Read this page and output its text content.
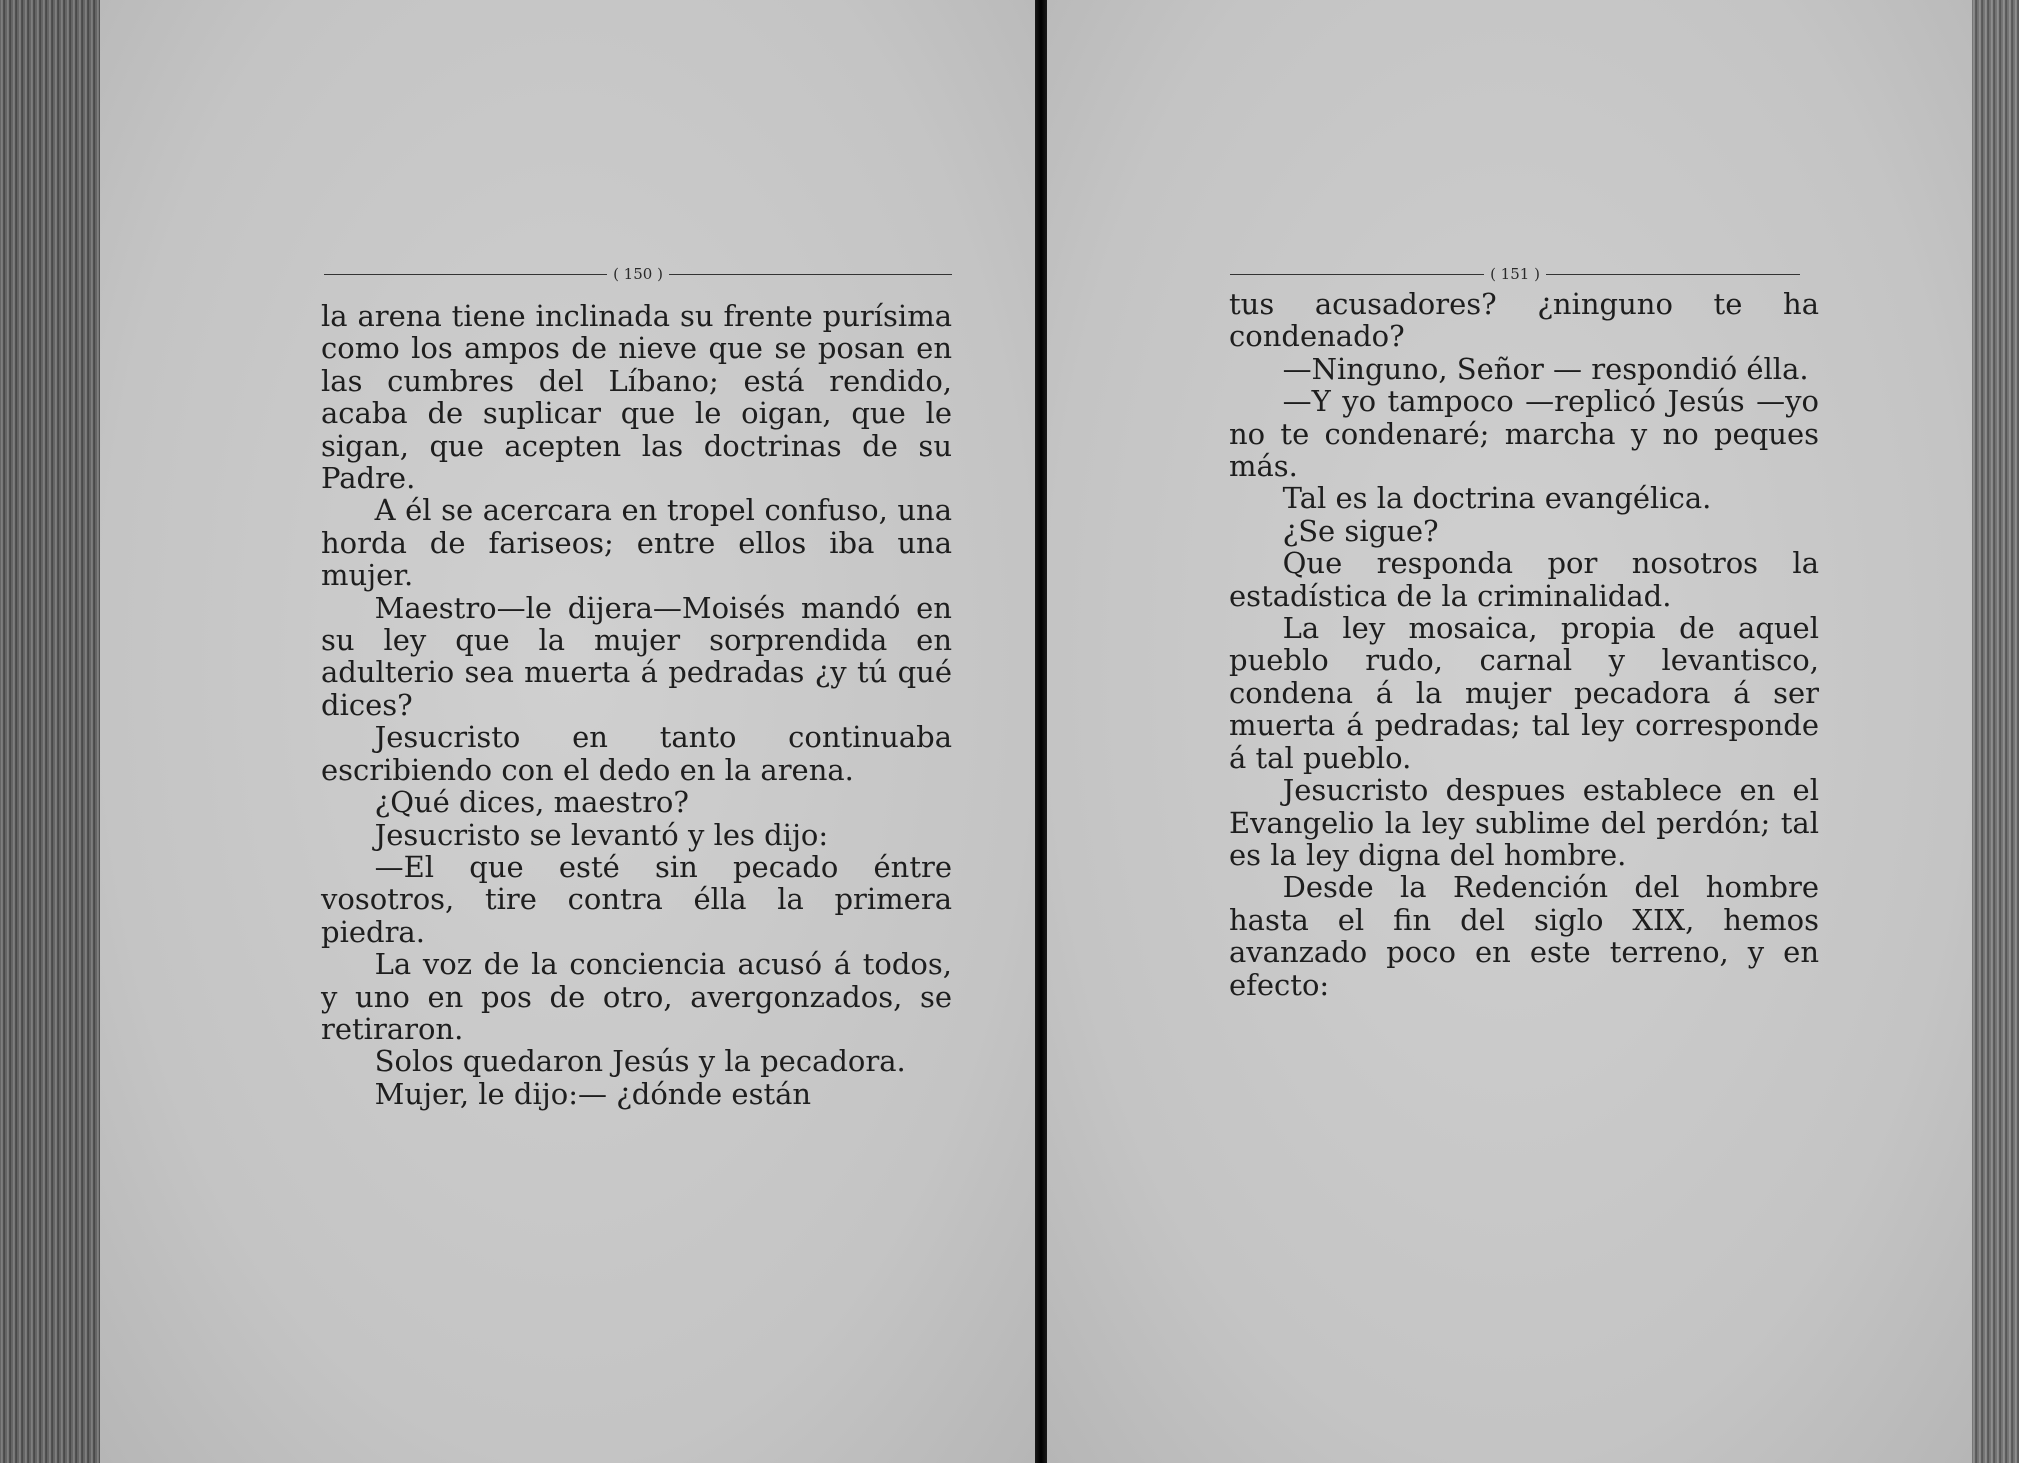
( 150 )

la arena tiene inclinada su frente purísima como los ampos de nieve que se posan en las cumbres del Líbano; está rendido, acaba de suplicar que le oigan, que le sigan, que acepten las doctrinas de su Padre.

A él se acercara en tropel confuso, una horda de fariseos; entre ellos iba una mujer.

Maestro—le dijera—Moisés mandó en su ley que la mujer sorprendida en adulterio sea muerta á pedradas ¿y tú qué dices?

Jesucristo en tanto continuaba escribiendo con el dedo en la arena.

¿Qué dices, maestro?

Jesucristo se levantó y les dijo:

—El que esté sin pecado éntre vosotros, tire contra élla la primera piedra.

La voz de la conciencia acusó á todos, y uno en pos de otro, avergonzados, se retiraron.

Solos quedaron Jesús y la pecadora.

Mujer, le dijo:— ¿dónde están

( 151 )

tus acusadores? ¿ninguno te ha condenado?

—Ninguno, Señor — respondió élla.

—Y yo tampoco —replicó Jesús —yo no te condenaré; marcha y no peques más.

Tal es la doctrina evangélica.

¿Se sigue?

Que responda por nosotros la estadística de la criminalidad.

La ley mosaica, propia de aquel pueblo rudo, carnal y levantisco, condena á la mujer pecadora á ser muerta á pedradas; tal ley corresponde á tal pueblo.

Jesucristo despues establece en el Evangelio la ley sublime del perdón; tal es la ley digna del hombre.

Desde la Redención del hombre hasta el fin del siglo XIX, hemos avanzado poco en este terreno, y en efecto:
